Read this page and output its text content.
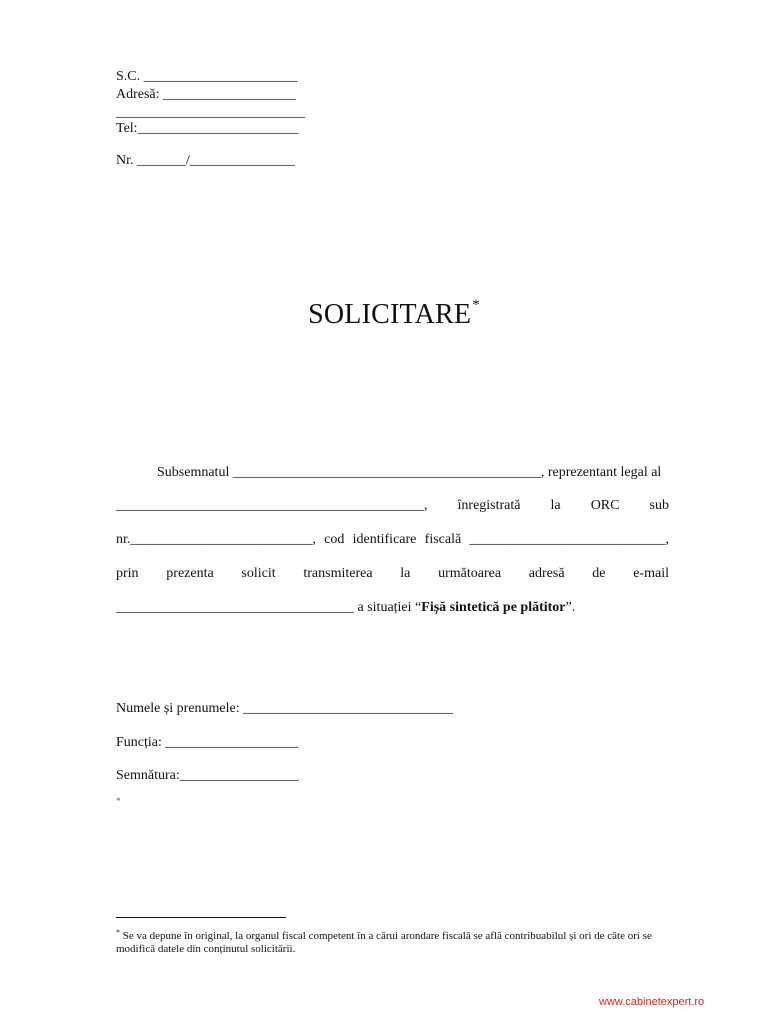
S.C. ______________________
Adresă: ___________________
___________________________
Tel:_______________________
Nr. _______/_______________
SOLICITARE*
Subsemnatul ____________________________________________, reprezentant legal al
____________________________________________, înregistrată la ORC sub
nr.__________________________, cod identificare fiscală ____________________________,
prin prezenta solicit transmiterea la următoarea adresă de e-mail
__________________________________ a situației “Fișă sintetică pe plătitor”.
Numele și prenumele: ______________________________
Funcția: ___________________
Semnătura:_________________
*
* Se va depune în original, la organul fiscal competent în a cărui arondare fiscală se află contribuabilul și ori de câte ori se modifică datele din conținutul solicitării.
www.cabinetexpert.ro
